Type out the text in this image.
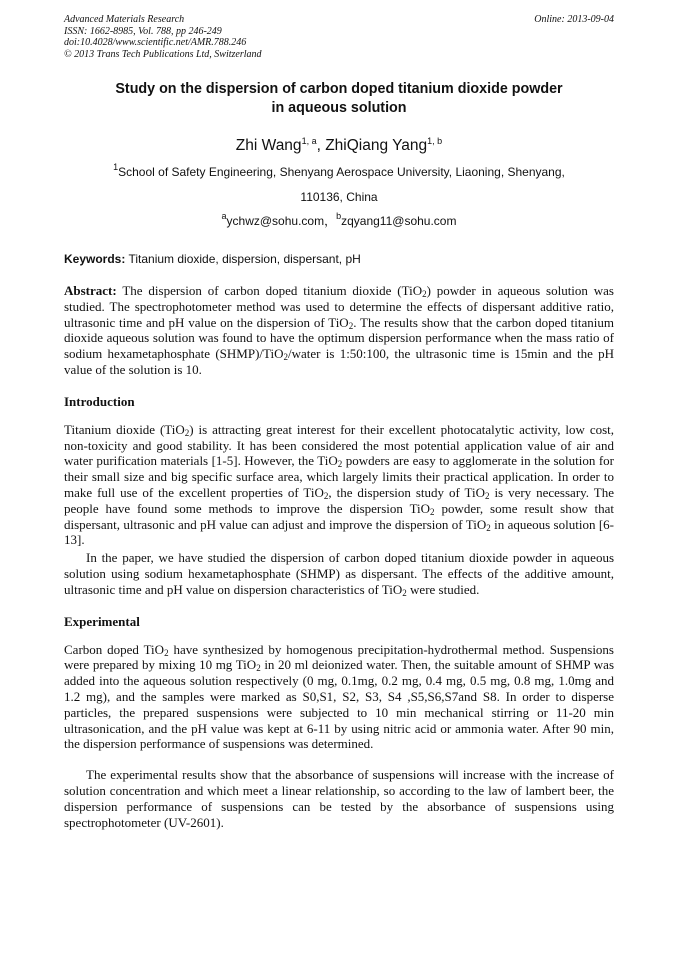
Advanced Materials Research
ISSN: 1662-8985, Vol. 788, pp 246-249
doi:10.4028/www.scientific.net/AMR.788.246
© 2013 Trans Tech Publications Ltd, Switzerland
Online: 2013-09-04
Study on the dispersion of carbon doped titanium dioxide powder
in aqueous solution
Zhi Wang$^{1, a}$, ZhiQiang Yang$^{1, b}$
$^1$School of Safety Engineering, Shenyang Aerospace University, Liaoning, Shenyang,
110136, China
$^a$ychwz@sohu.com，$^b$zqyang11@sohu.com
Keywords: Titanium dioxide, dispersion, dispersant, pH
Abstract: The dispersion of carbon doped titanium dioxide (TiO$_2$) powder in aqueous solution was studied. The spectrophotometer method was used to determine the effects of dispersant additive ratio, ultrasonic time and pH value on the dispersion of TiO$_2$. The results show that the carbon doped titanium dioxide aqueous solution was found to have the optimum dispersion performance when the mass ratio of sodium hexametaphosphate (SHMP)/TiO$_2$/water is 1:50:100, the ultrasonic time is 15min and the pH value of the solution is 10.
Introduction
Titanium dioxide (TiO$_2$) is attracting great interest for their excellent photocatalytic activity, low cost, non-toxicity and good stability. It has been considered the most potential application value of air and water purification materials [1-5]. However, the TiO$_2$ powders are easy to agglomerate in the solution for their small size and big specific surface area, which largely limits their practical application. In order to make full use of the excellent properties of TiO$_2$, the dispersion study of TiO$_2$ is very necessary. The people have found some methods to improve the dispersion TiO$_2$ powder, some result show that dispersant, ultrasonic and pH value can adjust and improve the dispersion of TiO$_2$ in aqueous solution [6-13].
In the paper, we have studied the dispersion of carbon doped titanium dioxide powder in aqueous solution using sodium hexametaphosphate (SHMP) as dispersant. The effects of the additive amount, ultrasonic time and pH value on dispersion characteristics of TiO$_2$ were studied.
Experimental
Carbon doped TiO$_2$ have synthesized by homogenous precipitation-hydrothermal method. Suspensions were prepared by mixing 10 mg TiO$_2$ in 20 ml deionized water. Then, the suitable amount of SHMP was added into the aqueous solution respectively (0 mg, 0.1mg, 0.2 mg, 0.4 mg, 0.5 mg, 0.8 mg, 1.0mg and 1.2 mg), and the samples were marked as S0,S1, S2, S3, S4 ,S5,S6,S7and S8. In order to disperse particles, the prepared suspensions were subjected to 10 min mechanical stirring or 11-20 min ultrasonication, and the pH value was kept at 6-11 by using nitric acid or ammonia water. After 90 min, the dispersion performance of suspensions was determined.
The experimental results show that the absorbance of suspensions will increase with the increase of solution concentration and which meet a linear relationship, so according to the law of lambert beer, the dispersion performance of suspensions can be tested by the absorbance of suspensions using spectrophotometer (UV-2601).
